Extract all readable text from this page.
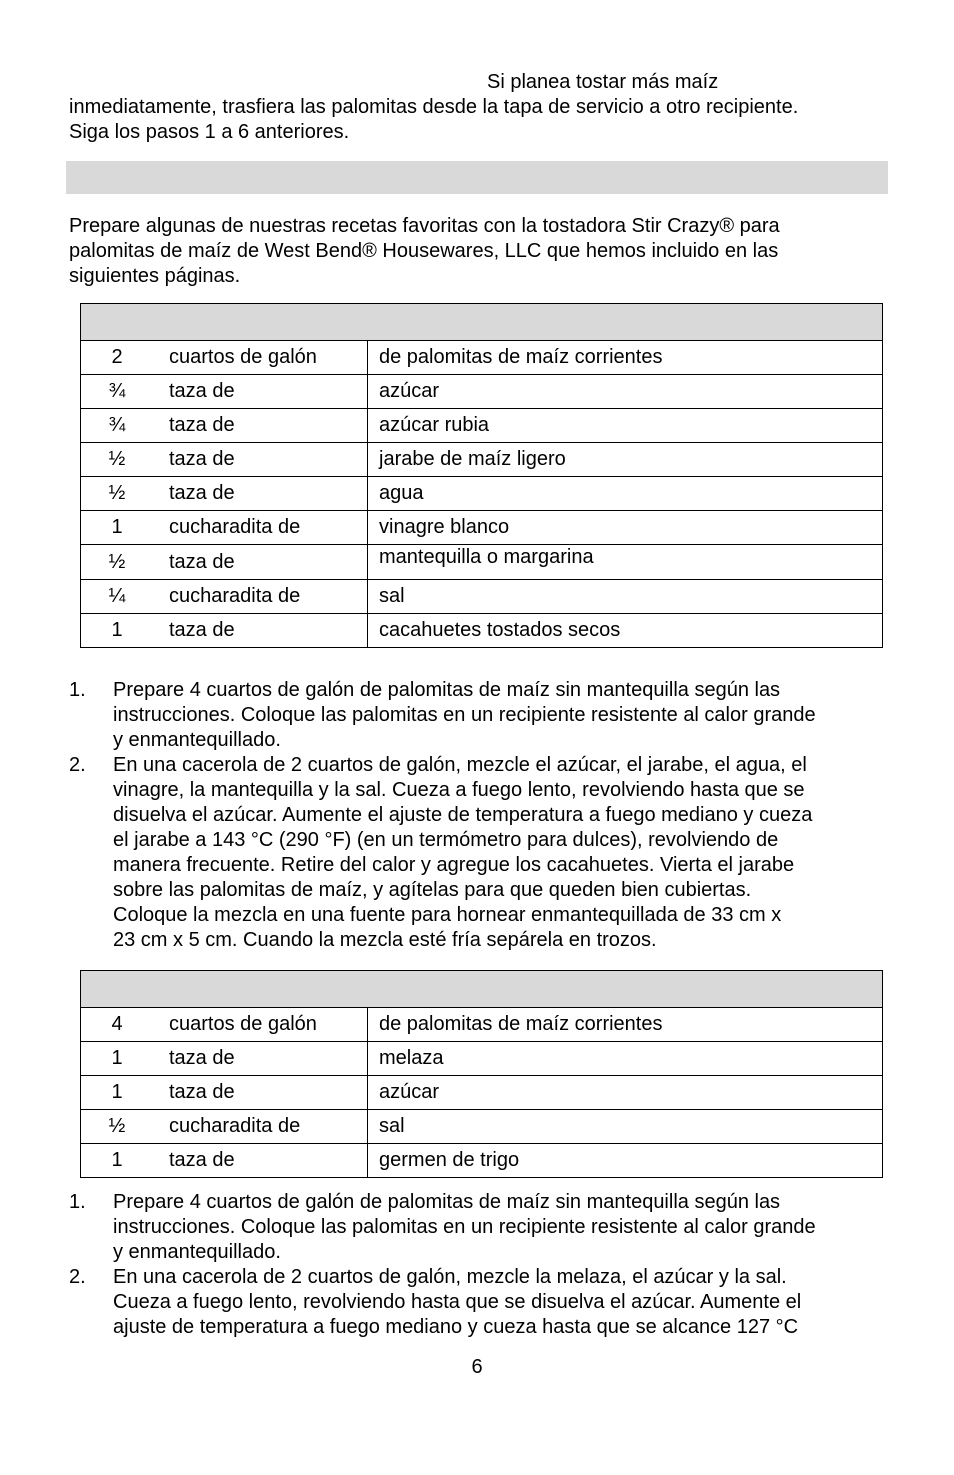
Si planea tostar más maíz
inmediatamente, trasfiera las palomitas desde la tapa de servicio a otro recipiente.
Siga los pasos 1 a 6 anteriores.
Prepare algunas de nuestras recetas favoritas con la tostadora Stir Crazy® para
palomitas de maíz de West Bend® Housewares, LLC que hemos incluido en las
siguientes páginas.

2	cuartos de galón	de palomitas de maíz corrientes
¾	taza de	azúcar
¾	taza de	azúcar rubia
½	taza de	jarabe de maíz ligero
½	taza de	agua
1	cucharadita de	vinagre blanco
½	taza de	mantequilla o margarina
¼	cucharadita de	sal
1	taza de	cacahuetes tostados secos
1. Prepare 4 cuartos de galón de palomitas de maíz sin mantequilla según las
instrucciones. Coloque las palomitas en un recipiente resistente al calor grande
y enmantequillado.
2. En una cacerola de 2 cuartos de galón, mezcle el azúcar, el jarabe, el agua, el
vinagre, la mantequilla y la sal. Cueza a fuego lento, revolviendo hasta que se
disuelva el azúcar. Aumente el ajuste de temperatura a fuego mediano y cueza
el jarabe a 143 °C (290 °F) (en un termómetro para dulces), revolviendo de
manera frecuente. Retire del calor y agregue los cacahuetes. Vierta el jarabe
sobre las palomitas de maíz, y agítelas para que queden bien cubiertas.
Coloque la mezcla en una fuente para hornear enmantequillada de 33 cm x
23 cm x 5 cm. Cuando la mezcla esté fría sepárela en trozos.

4	cuartos de galón	de palomitas de maíz corrientes
1	taza de	melaza
1	taza de	azúcar
½	cucharadita de	sal
1	taza de	germen de trigo
1. Prepare 4 cuartos de galón de palomitas de maíz sin mantequilla según las
instrucciones. Coloque las palomitas en un recipiente resistente al calor grande
y enmantequillado.
2. En una cacerola de 2 cuartos de galón, mezcle la melaza, el azúcar y la sal.
Cueza a fuego lento, revolviendo hasta que se disuelva el azúcar. Aumente el
ajuste de temperatura a fuego mediano y cueza hasta que se alcance 127 °C
6
